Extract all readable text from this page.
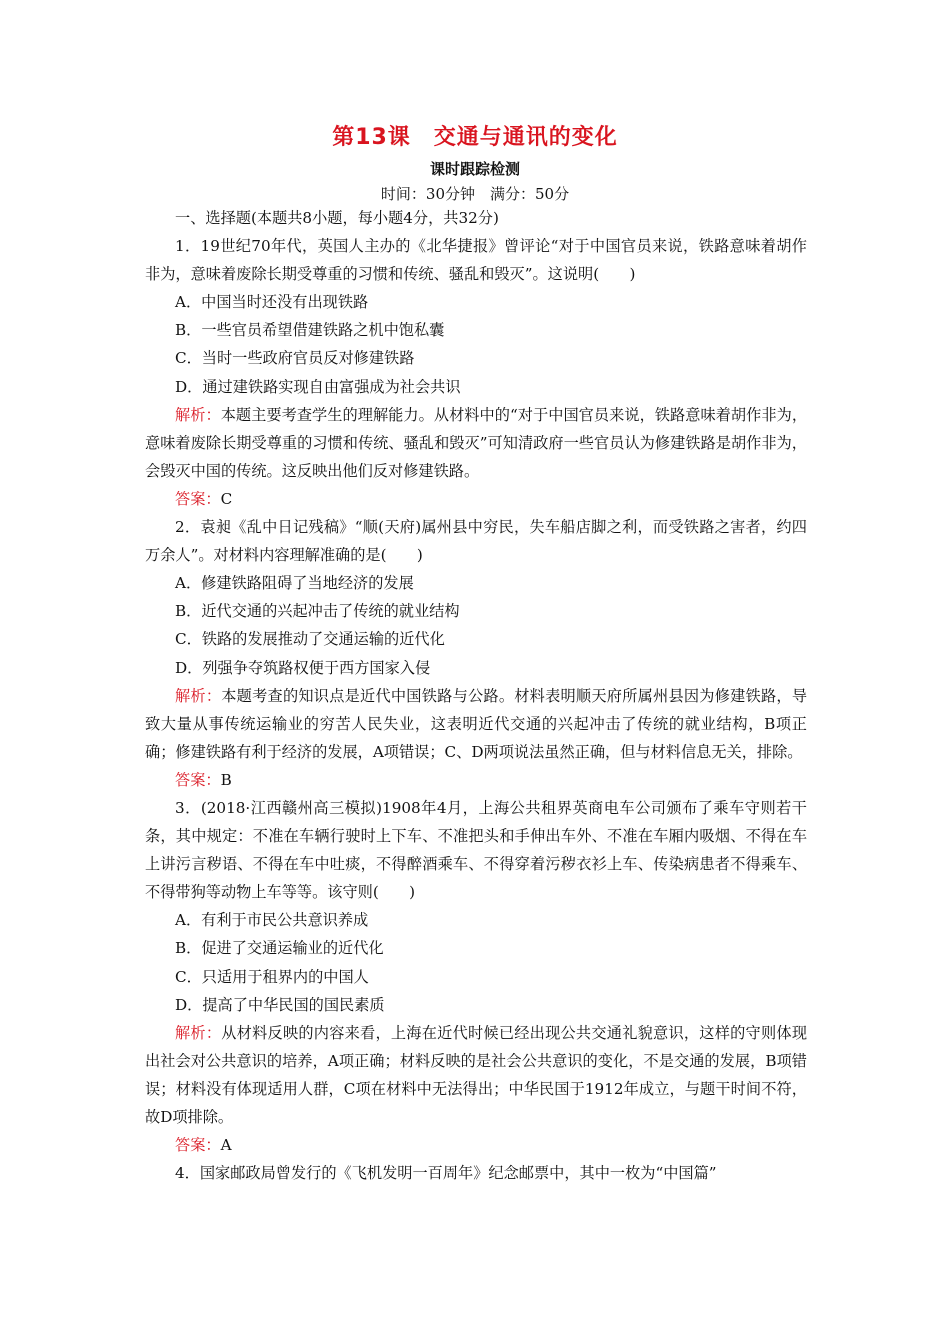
第13课　交通与通讯的变化
课时跟踪检测
时间：30分钟　满分：50分

一、选择题(本题共8小题，每小题4分，共32分)

1．19世纪70年代，英国人主办的《北华捷报》曾评论“对于中国官员来说，铁路意味着胡作非为，意味着废除长期受尊重的习惯和传统、骚乱和毁灭”。这说明(　　)

A．中国当时还没有出现铁路

B．一些官员希望借建铁路之机中饱私囊

C．当时一些政府官员反对修建铁路

D．通过建铁路实现自由富强成为社会共识

解析：本题主要考查学生的理解能力。从材料中的“对于中国官员来说，铁路意味着胡作非为，意味着废除长期受尊重的习惯和传统、骚乱和毁灭”可知清政府一些官员认为修建铁路是胡作非为，会毁灭中国的传统。这反映出他们反对修建铁路。

答案：C

2．袁昶《乱中日记残稿》“顺(天府)属州县中穷民，失车船店脚之利，而受铁路之害者，约四万余人”。对材料内容理解准确的是(　　)

A．修建铁路阻碍了当地经济的发展

B．近代交通的兴起冲击了传统的就业结构

C．铁路的发展推动了交通运输的近代化

D．列强争夺筑路权便于西方国家入侵

解析：本题考查的知识点是近代中国铁路与公路。材料表明顺天府所属州县因为修建铁路，导致大量从事传统运输业的穷苦人民失业，这表明近代交通的兴起冲击了传统的就业结构，B项正确；修建铁路有利于经济的发展，A项错误；C、D两项说法虽然正确，但与材料信息无关，排除。

答案：B

3．(2018·江西赣州高三模拟)1908年4月，上海公共租界英商电车公司颁布了乘车守则若干条，其中规定：不准在车辆行驶时上下车、不准把头和手伸出车外、不准在车厢内吸烟、不得在车上讲污言秽语、不得在车中吐痰，不得醉酒乘车、不得穿着污秽衣衫上车、传染病患者不得乘车、不得带狗等动物上车等等。该守则(　　)

A．有利于市民公共意识养成

B．促进了交通运输业的近代化

C．只适用于租界内的中国人

D．提高了中华民国的国民素质

解析：从材料反映的内容来看，上海在近代时候已经出现公共交通礼貌意识，这样的守则体现出社会对公共意识的培养，A项正确；材料反映的是社会公共意识的变化，不是交通的发展，B项错误；材料没有体现适用人群，C项在材料中无法得出；中华民国于1912年成立，与题干时间不符，故D项排除。

答案：A

4．国家邮政局曾发行的《飞机发明一百周年》纪念邮票中，其中一枚为“中国篇”
